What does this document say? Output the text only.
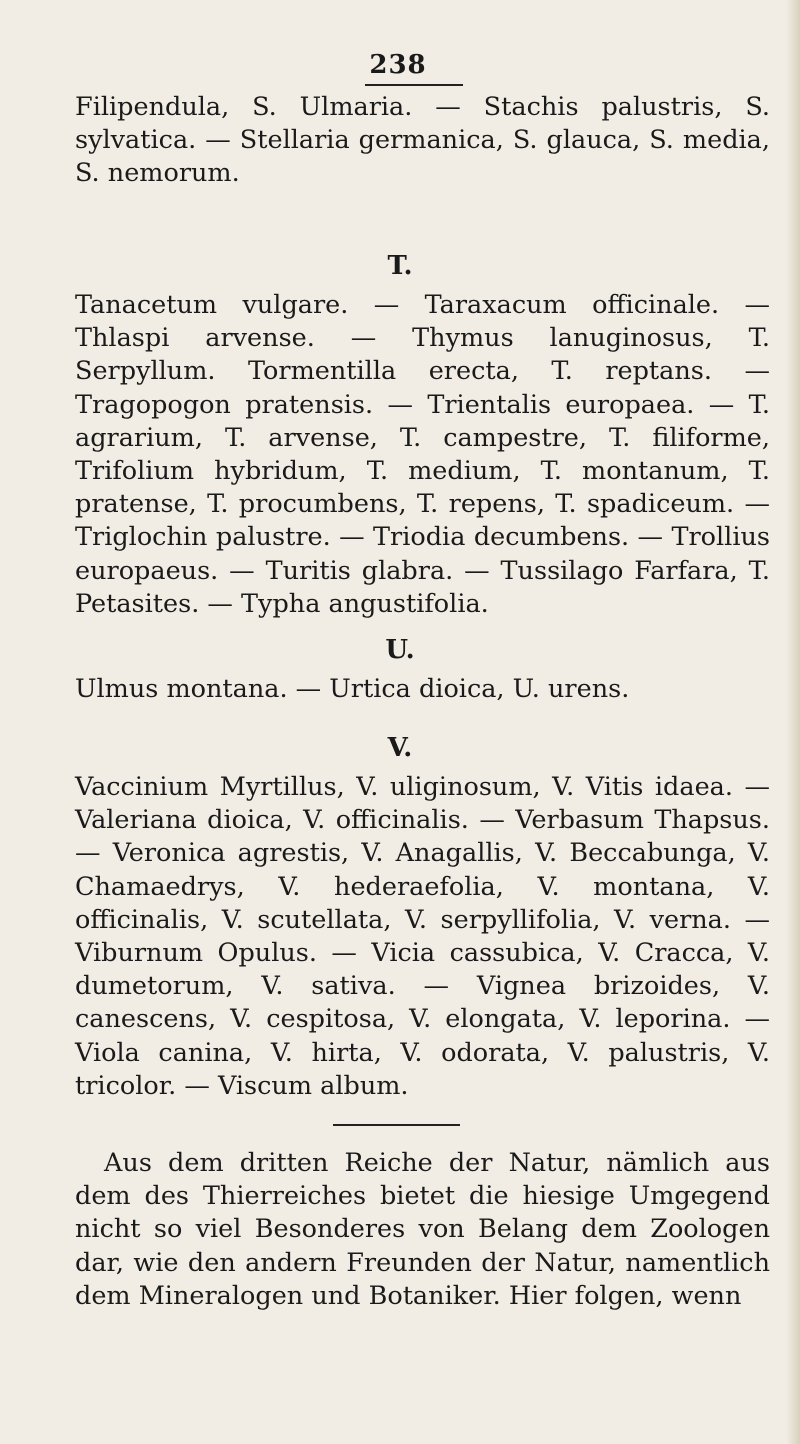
238

Filipendula, S. Ulmaria. — Stachis palustris, S. sylvatica. — Stellaria germanica, S. glauca, S. media, S. nemorum.

T.

Tanacetum vulgare. — Taraxacum officinale. — Thlaspi arvense. — Thymus lanuginosus, T. Serpyllum. Tormentilla erecta, T. reptans. — Tragopogon pratensis. — Trientalis europaea. — T. agrarium, T. arvense, T. campestre, T. filiforme, Trifolium hybridum, T. medium, T. montanum, T. pratense, T. procumbens, T. repens, T. spadiceum. — Triglochin palustre. — Triodia decumbens. — Trollius europaeus. — Turitis glabra. — Tussilago Farfara, T. Petasites. — Typha angustifolia.

U.

Ulmus montana. — Urtica dioica, U. urens.

V.

Vaccinium Myrtillus, V. uliginosum, V. Vitis idaea. — Valeriana dioica, V. officinalis. — Verbasum Thapsus. — Veronica agrestis, V. Anagallis, V. Beccabunga, V. Chamaedrys, V. hederaefolia, V. montana, V. officinalis, V. scutellata, V. serpyllifolia, V. verna. — Viburnum Opulus. — Vicia cassubica, V. Cracca, V. dumetorum, V. sativa. — Vignea brizoides, V. canescens, V. cespitosa, V. elongata, V. leporina. — Viola canina, V. hirta, V. odorata, V. palustris, V. tricolor. — Viscum album.

Aus dem dritten Reiche der Natur, nämlich aus dem des Thierreiches bietet die hiesige Umgegend nicht so viel Besonderes von Belang dem Zoologen dar, wie den andern Freunden der Natur, namentlich dem Mineralogen und Botaniker. Hier folgen, wenn
